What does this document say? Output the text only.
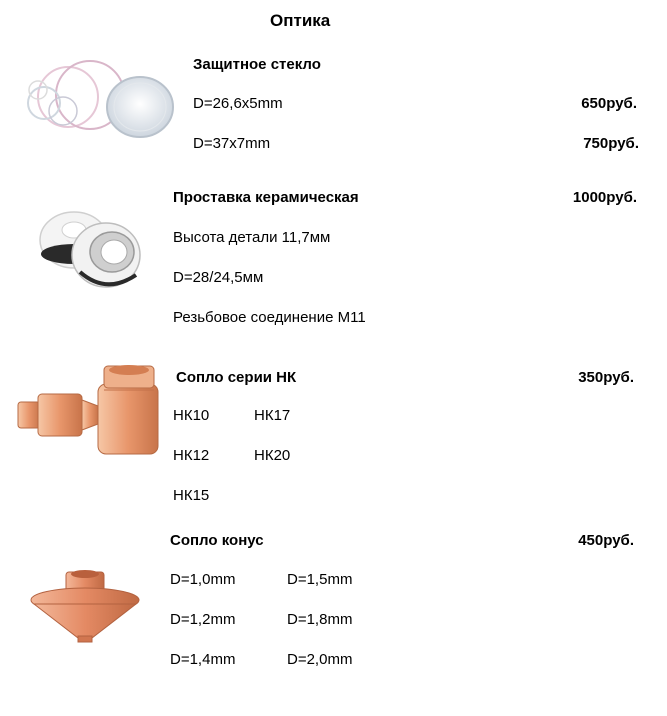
Оптика
Защитное стекло
D=26,6x5mm	650руб.
D=37x7mm	750руб.
Проставка керамическая	1000руб.
Высота детали 11,7мм
D=28/24,5мм
Резьбовое соединение М11
Сопло серии НК	350руб.
НК10	НК17
НК12	НК20
НК15
Сопло конус	450руб.
D=1,0mm	D=1,5mm
D=1,2mm	D=1,8mm
D=1,4mm	D=2,0mm
